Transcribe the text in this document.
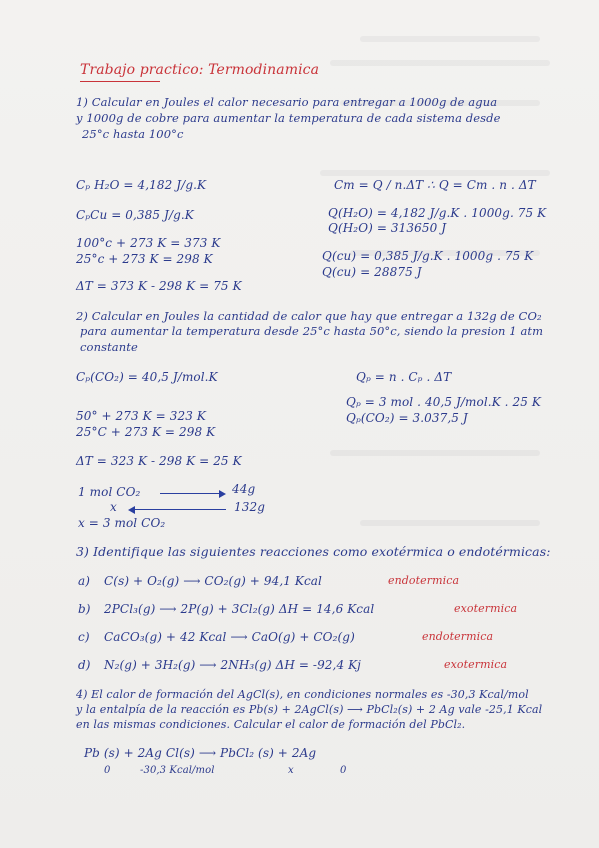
Trabajo practico: Termodinamica
1) Calcular en Joules el calor necesario para entregar a 1000g de agua
y 1000g de cobre para aumentar la temperatura de cada sistema desde
25°c hasta 100°c
Cₚ H₂O = 4,182 J/g.K
CₚCu = 0,385 J/g.K
100°c + 273 K = 373 K
25°c + 273 K = 298 K
ΔT = 373 K - 298 K = 75 K
Cm = Q / n.ΔT ∴ Q = Cm . n . ΔT
Q(H₂O) = 4,182 J/g.K . 1000g. 75 K
Q(H₂O) = 313650 J
Q(cu) = 0,385 J/g.K . 1000g . 75 K
Q(cu) = 28875 J
2) Calcular en Joules la cantidad de calor que hay que entregar a 132g de CO₂
para aumentar la temperatura desde 25°c hasta 50°c, siendo la presion 1 atm
constante
Cₚ(CO₂) = 40,5 J/mol.K	Qₚ = n . Cₚ . ΔT
Qₚ = 3 mol . 40,5 J/mol.K . 25 K
Qₚ(CO₂) = 3.037,5 J
50° + 273 K = 323 K
25°C + 273 K = 298 K
ΔT = 323 K - 298 K = 25 K
1 mol CO₂	44g
x	132g
x = 3 mol CO₂
3) Identifique las siguientes reacciones como exotérmica o endotérmicas:
a) C(s) + O₂(g) ⟶ CO₂(g) + 94,1 Kcal	endotermica
b) 2PCl₃(g) ⟶ 2P(g) + 3Cl₂(g) ΔH = 14,6 Kcal	exotermica
c) CaCO₃(g) + 42 Kcal ⟶ CaO(g) + CO₂(g)	endotermica
d) N₂(g) + 3H₂(g) ⟶ 2NH₃(g) ΔH = -92,4 Kj	exotermica
4) El calor de formación del AgCl(s), en condiciones normales es -30,3 Kcal/mol
y la entalpía de la reacción es Pb(s) + 2AgCl(s) ⟶ PbCl₂(s) + 2 Ag vale -25,1 Kcal
en las mismas condiciones. Calcular el calor de formación del PbCl₂.
Pb (s) + 2Ag Cl(s) ⟶ PbCl₂ (s) + 2Ag
0	-30,3 Kcal/mol	x	0
